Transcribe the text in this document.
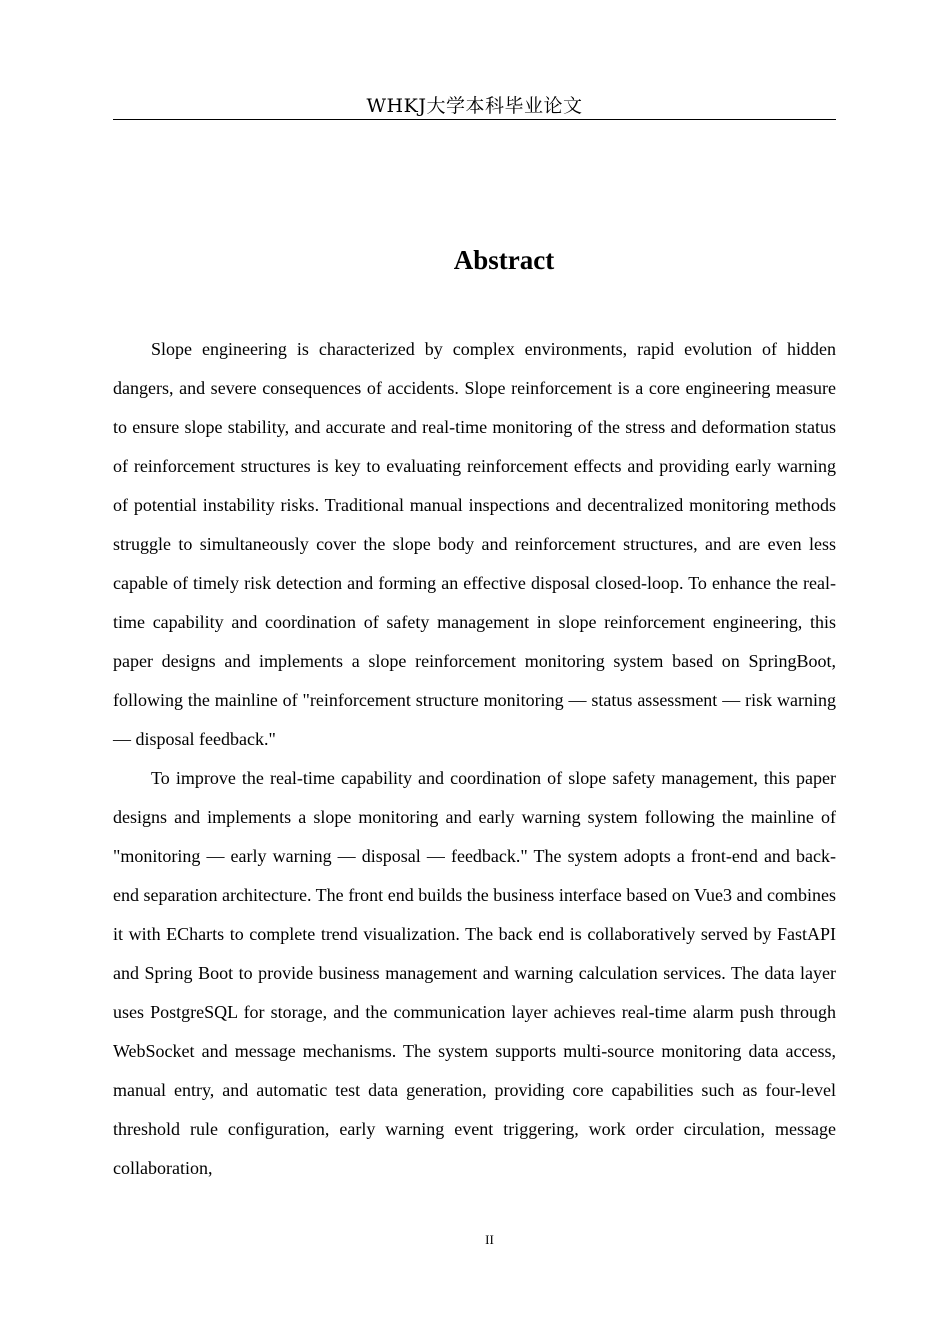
WHKJ大学本科毕业论文
Abstract

Slope engineering is characterized by complex environments, rapid evolution of hidden dangers, and severe consequences of accidents. Slope reinforcement is a core engineering measure to ensure slope stability, and accurate and real-time monitoring of the stress and deformation status of reinforcement structures is key to evaluating reinforcement effects and providing early warning of potential instability risks. Traditional manual inspections and decentralized monitoring methods struggle to simultaneously cover the slope body and reinforcement structures, and are even less capable of timely risk detection and forming an effective disposal closed-loop. To enhance the real-time capability and coordination of safety management in slope reinforcement engineering, this paper designs and implements a slope reinforcement monitoring system based on SpringBoot, following the mainline of "reinforcement structure monitoring — status assessment — risk warning — disposal feedback."

To improve the real-time capability and coordination of slope safety management, this paper designs and implements a slope monitoring and early warning system following the mainline of "monitoring — early warning — disposal — feedback." The system adopts a front-end and back-end separation architecture. The front end builds the business interface based on Vue3 and combines it with ECharts to complete trend visualization. The back end is collaboratively served by FastAPI and Spring Boot to provide business management and warning calculation services. The data layer uses PostgreSQL for storage, and the communication layer achieves real-time alarm push through WebSocket and message mechanisms. The system supports multi-source monitoring data access, manual entry, and automatic test data generation, providing core capabilities such as four-level threshold rule configuration, early warning event triggering, work order circulation, message collaboration,

II
